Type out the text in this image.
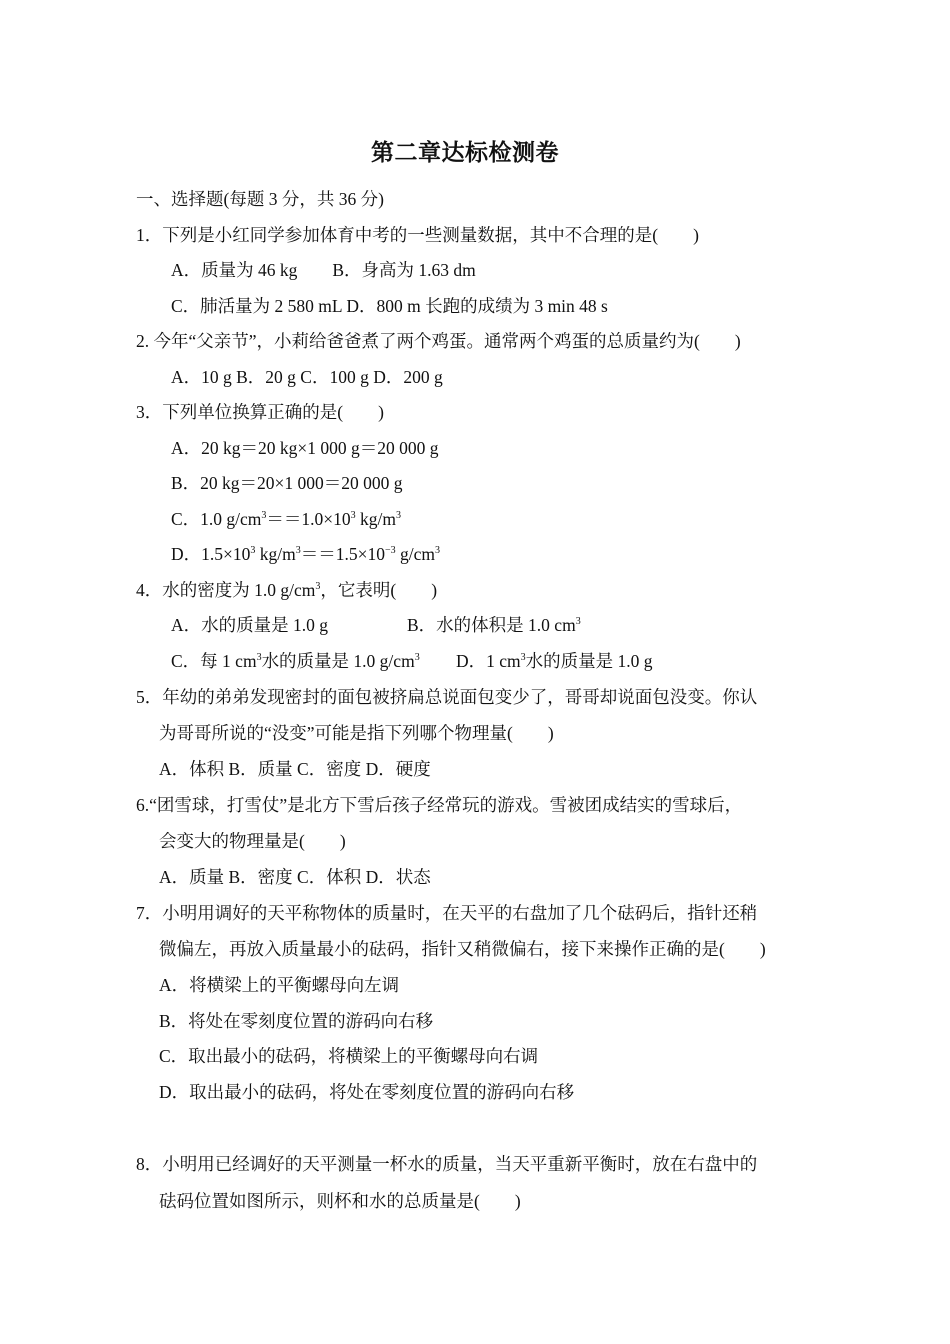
第二章达标检测卷
一、选择题(每题 3 分，共 36 分)
1．下列是小红同学参加体育中考的一些测量数据，其中不合理的是(　　)
A．质量为 46 kg　　B．身高为 1.63 dm
C．肺活量为 2 580 mL D．800 m 长跑的成绩为 3 min 48 s
2. 今年“父亲节”，小莉给爸爸煮了两个鸡蛋。通常两个鸡蛋的总质量约为(　　)
A．10 g B．20 g C．100 g D．200 g
3．下列单位换算正确的是(　　)
A．20 kg＝20 kg×1 000 g＝20 000 g
B．20 kg＝20×1 000＝20 000 g
C．1.0 $g/cm^3==1.0\times 10^3$ $kg/m^3$
D．$1.5\times 10^3$ $kg/m^3==1.5\times 10^{-3}$ $g/cm^3$
4．水的密度为 1.0 $g/cm^3$，它表明(　　)
A．水的质量是 1.0 g	B．水的体积是 1.0 $cm^3$
C．每 1 $cm^3$水的质量是 1.0 $g/cm^3$ D．1 $cm^3$水的质量是 1.0 g
5．年幼的弟弟发现密封的面包被挤扁总说面包变少了，哥哥却说面包没变。你认
为哥哥所说的“没变”可能是指下列哪个物理量(　　)
A．体积 B．质量 C．密度 D．硬度
6.“团雪球，打雪仗”是北方下雪后孩子经常玩的游戏。雪被团成结实的雪球后，
会变大的物理量是(　　)
A．质量 B．密度 C．体积 D．状态
7．小明用调好的天平称物体的质量时，在天平的右盘加了几个砝码后，指针还稍
微偏左，再放入质量最小的砝码，指针又稍微偏右，接下来操作正确的是(　　)
A．将横梁上的平衡螺母向左调
B．将处在零刻度位置的游码向右移
C．取出最小的砝码，将横梁上的平衡螺母向右调
D．取出最小的砝码，将处在零刻度位置的游码向右移
8．小明用已经调好的天平测量一杯水的质量，当天平重新平衡时，放在右盘中的
砝码位置如图所示，则杯和水的总质量是(　　)
